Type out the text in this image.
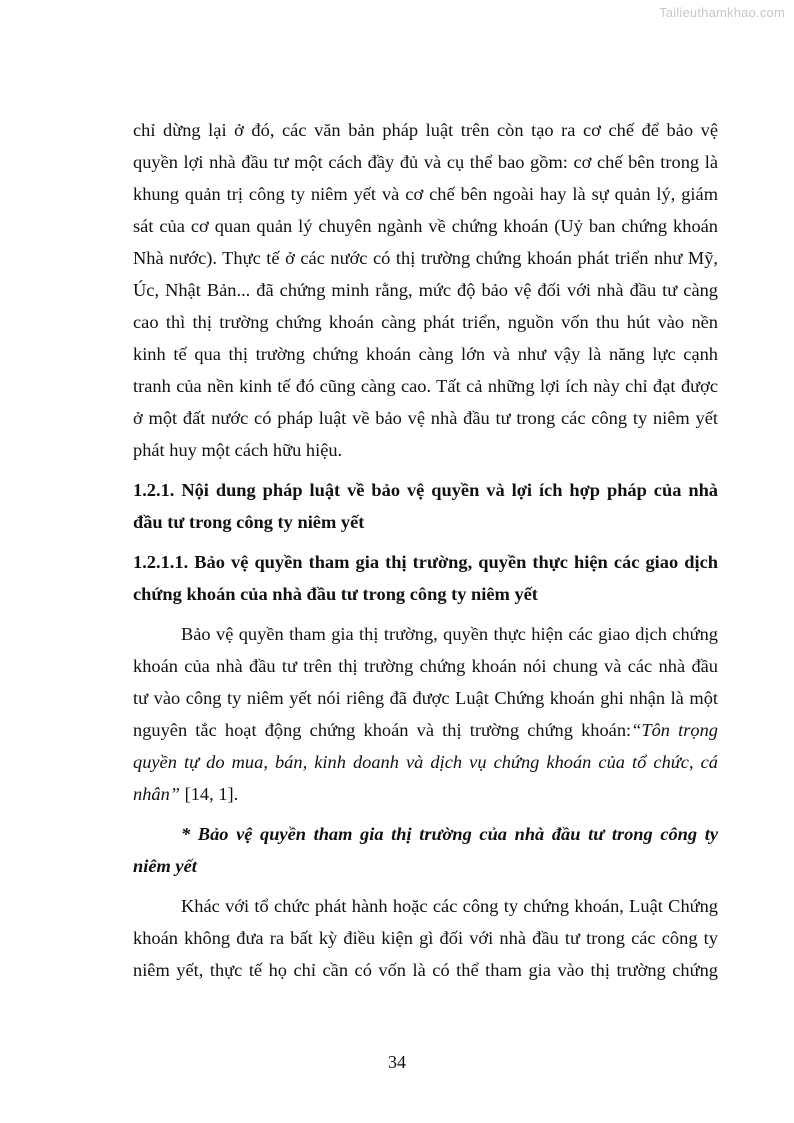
Tailieuthamkhao.com
chỉ dừng lại ở đó, các văn bản pháp luật trên còn tạo ra cơ chế để bảo vệ
quyền lợi nhà đầu tư một cách đầy đủ và cụ thể bao gồm: cơ chế bên trong là
khung quản trị công ty niêm yết và cơ chế bên ngoài hay là sự quản lý, giám
sát của cơ quan quản lý chuyên ngành về chứng khoán (Uỷ ban chứng khoán
Nhà nước). Thực tế ở các nước có thị trường chứng khoán phát triển như Mỹ,
Úc, Nhật Bản... đã chứng minh rằng, mức độ bảo vệ đối với nhà đầu tư càng
cao thì thị trường chứng khoán càng phát triển, nguồn vốn thu hút vào nền
kinh tế qua thị trường chứng khoán càng lớn và như vậy là năng lực cạnh
tranh của nền kinh tế đó cũng càng cao. Tất cả những lợi ích này chỉ đạt được
ở một đất nước có pháp luật về bảo vệ nhà đầu tư trong các công ty niêm yết
phát huy một cách hữu hiệu.
1.2.1. Nội dung pháp luật về bảo vệ quyền và lợi ích hợp pháp của nhà
đầu tư trong công ty niêm yết
1.2.1.1. Bảo vệ quyền tham gia thị trường, quyền thực hiện các giao dịch
chứng khoán của nhà đầu tư trong công ty niêm yết
Bảo vệ quyền tham gia thị trường, quyền thực hiện các giao dịch chứng
khoán của nhà đầu tư trên thị trường chứng khoán nói chung và các nhà đầu
tư vào công ty niêm yết nói riêng đã được Luật Chứng khoán ghi nhận là một
nguyên tắc hoạt động chứng khoán và thị trường chứng khoán:“Tôn trọng
quyền tự do mua, bán, kinh doanh và dịch vụ chứng khoán của tổ chức, cá
nhân” [14, 1].
* Bảo vệ quyền tham gia thị trường của nhà đầu tư trong công ty
niêm yết
Khác với tổ chức phát hành hoặc các công ty chứng khoán, Luật Chứng
khoán không đưa ra bất kỳ điều kiện gì đối với nhà đầu tư trong các công ty
niêm yết, thực tế họ chỉ cần có vốn là có thể tham gia vào thị trường chứng
34
